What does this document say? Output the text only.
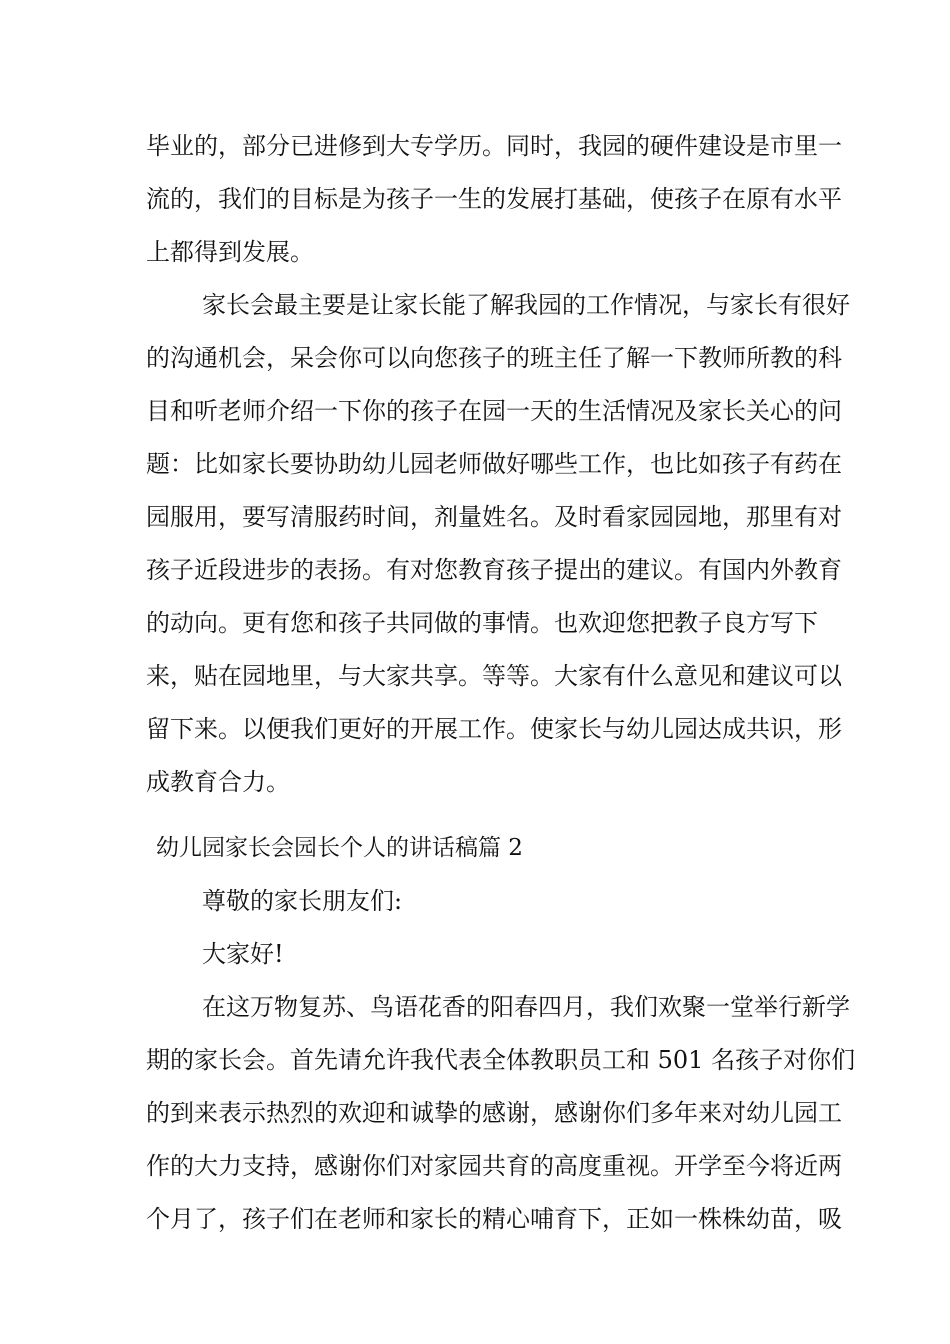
毕业的，部分已进修到大专学历。同时，我园的硬件建设是市里一
流的，我们的目标是为孩子一生的发展打基础，使孩子在原有水平
上都得到发展。
家长会最主要是让家长能了解我园的工作情况，与家长有很好
的沟通机会，呆会你可以向您孩子的班主任了解一下教师所教的科
目和听老师介绍一下你的孩子在园一天的生活情况及家长关心的问
题：比如家长要协助幼儿园老师做好哪些工作，也比如孩子有药在
园服用，要写清服药时间，剂量姓名。及时看家园园地，那里有对
孩子近段进步的表扬。有对您教育孩子提出的建议。有国内外教育
的动向。更有您和孩子共同做的事情。也欢迎您把教子良方写下
来，贴在园地里，与大家共享。等等。大家有什么意见和建议可以
留下来。以便我们更好的开展工作。使家长与幼儿园达成共识，形
成教育合力。
幼儿园家长会园长个人的讲话稿篇 2
尊敬的家长朋友们:
大家好!
在这万物复苏、鸟语花香的阳春四月，我们欢聚一堂举行新学
期的家长会。首先请允许我代表全体教职员工和 501 名孩子对你们
的到来表示热烈的欢迎和诚挚的感谢，感谢你们多年来对幼儿园工
作的大力支持，感谢你们对家园共育的高度重视。开学至今将近两
个月了，孩子们在老师和家长的精心哺育下，正如一株株幼苗，吸
